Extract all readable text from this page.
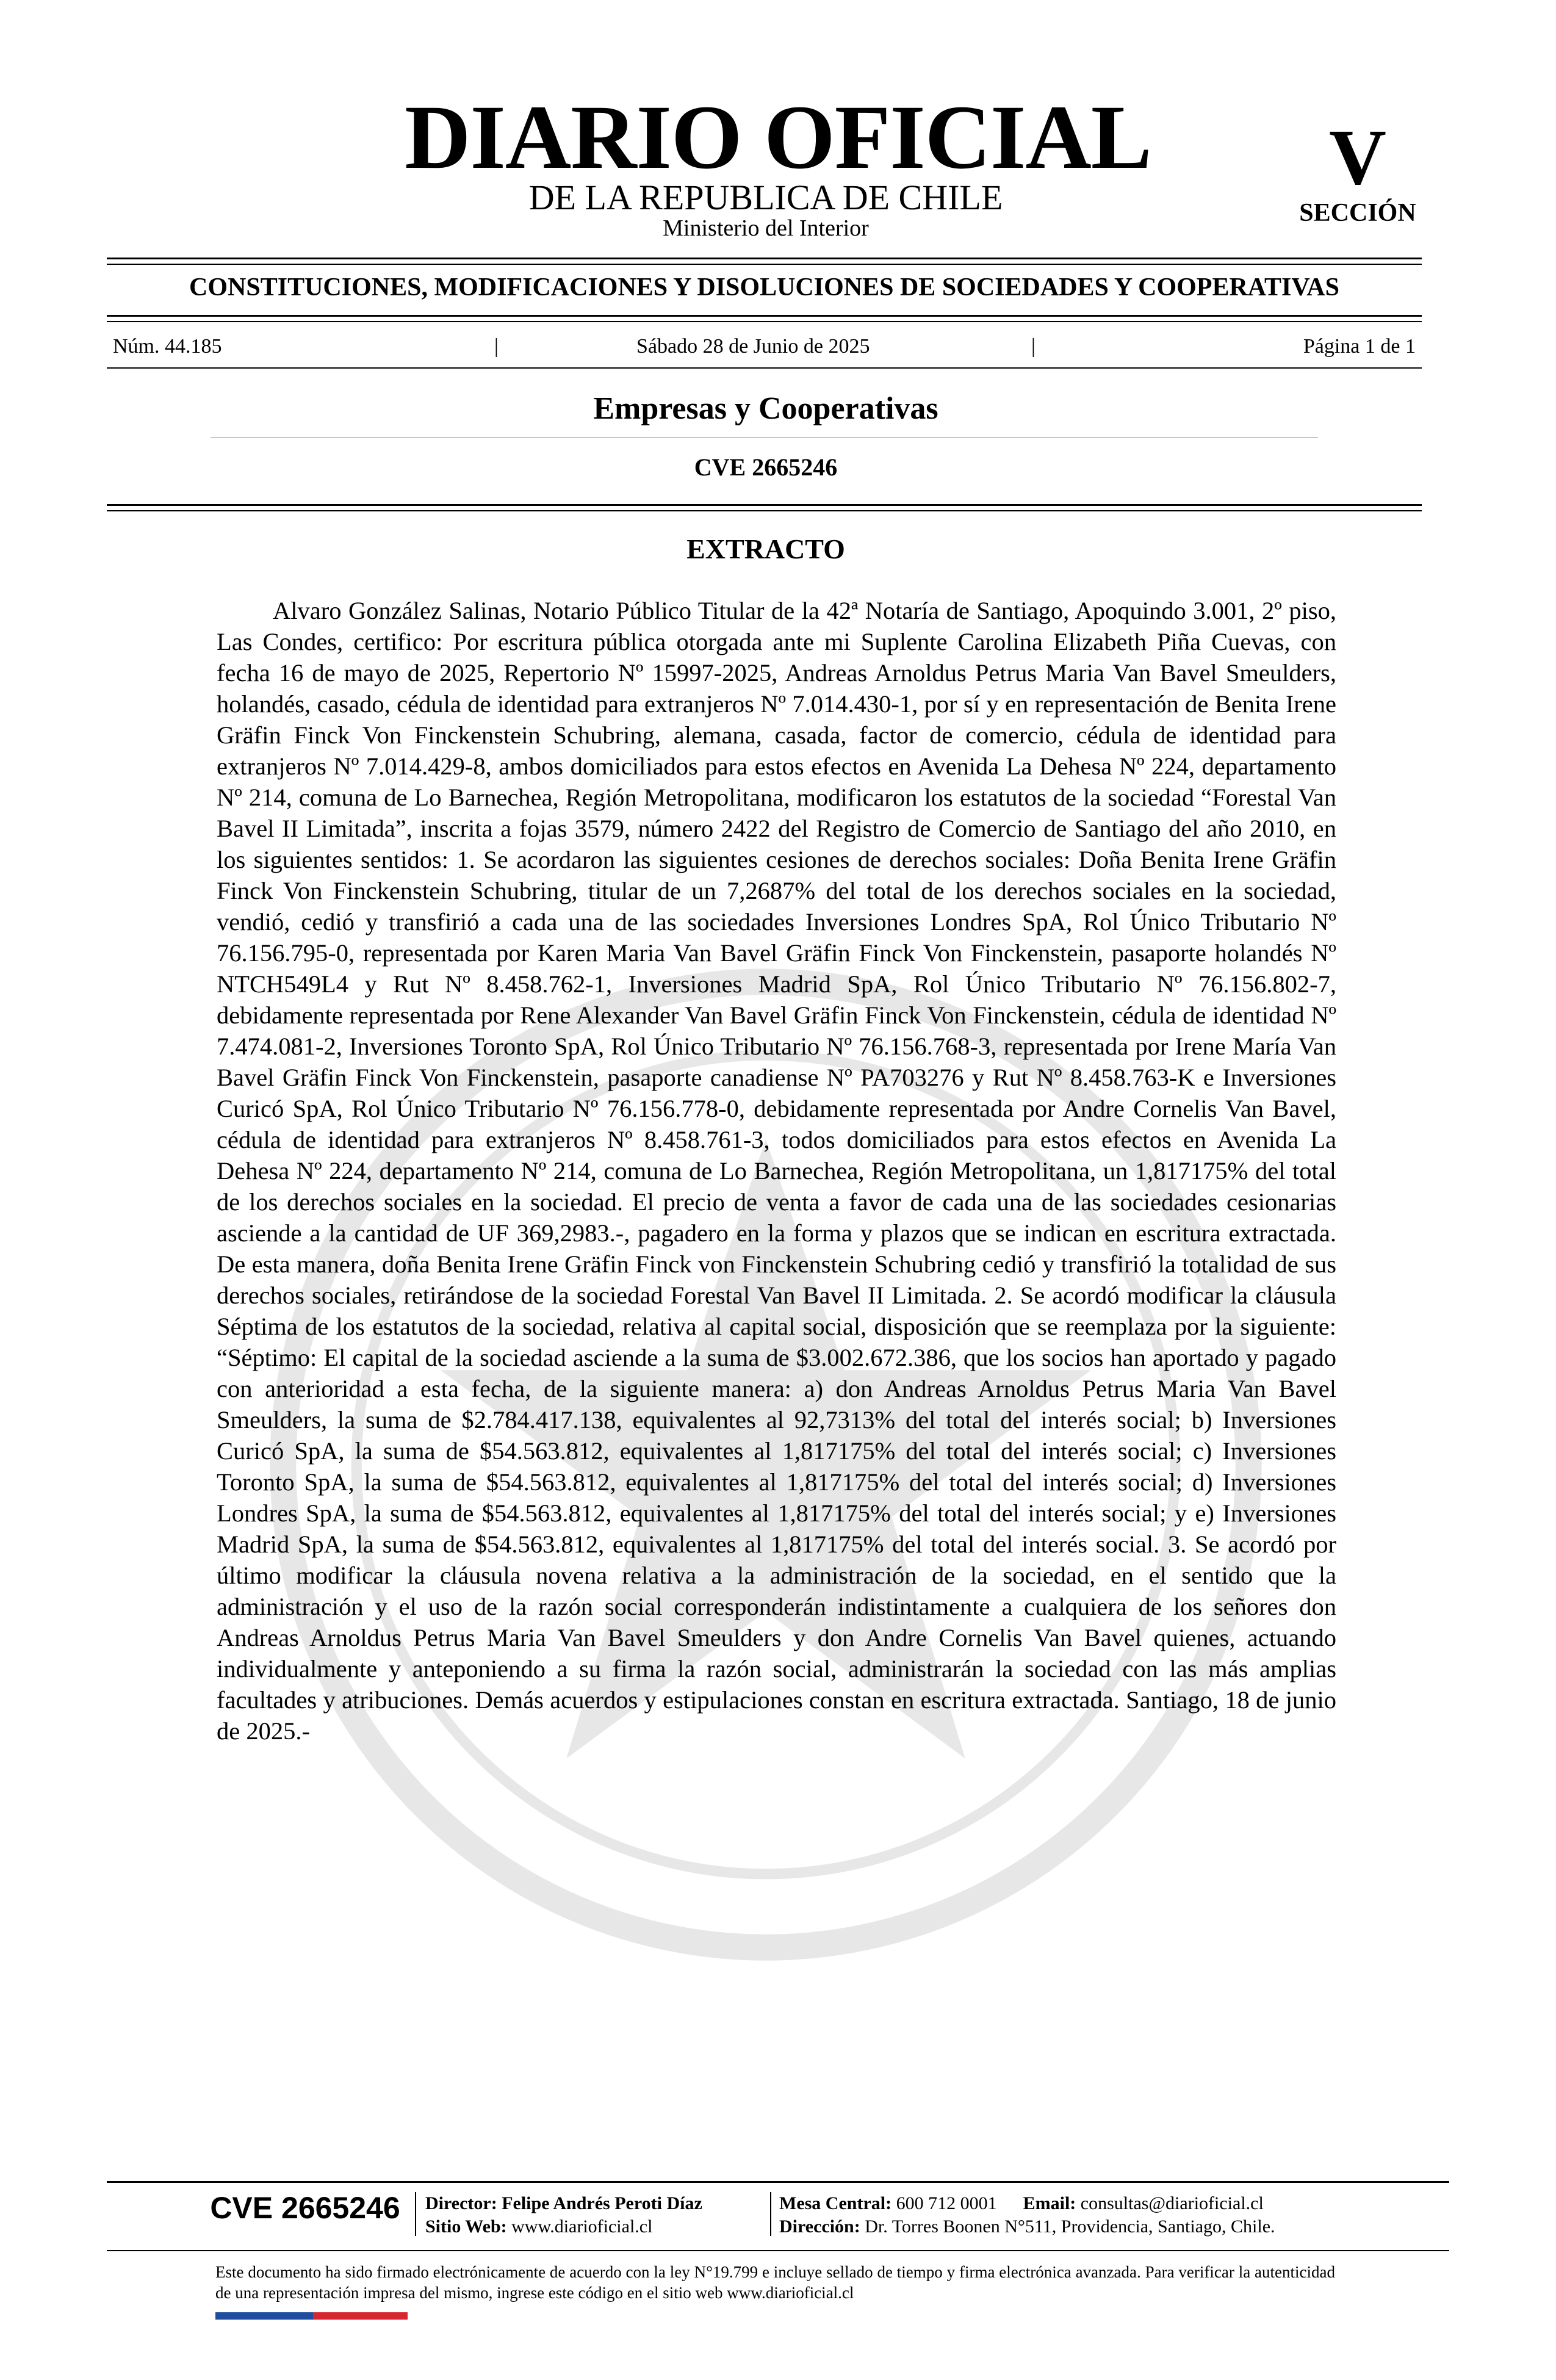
DIARIO OFICIAL
DE LA REPUBLICA DE CHILE
Ministerio del Interior
V
SECCIÓN
CONSTITUCIONES, MODIFICACIONES Y DISOLUCIONES DE SOCIEDADES Y COOPERATIVAS
Núm. 44.185	|	Sábado 28 de Junio de 2025	|	Página 1 de 1
Empresas y Cooperativas
CVE 2665246
EXTRACTO

Alvaro González Salinas, Notario Público Titular de la 42ª Notaría de Santiago, Apoquindo 3.001, 2º piso, Las Condes, certifico: Por escritura pública otorgada ante mi Suplente Carolina Elizabeth Piña Cuevas, con fecha 16 de mayo de 2025, Repertorio Nº 15997-2025, Andreas Arnoldus Petrus Maria Van Bavel Smeulders, holandés, casado, cédula de identidad para extranjeros Nº 7.014.430-1, por sí y en representación de Benita Irene Gräfin Finck Von Finckenstein Schubring, alemana, casada, factor de comercio, cédula de identidad para extranjeros Nº 7.014.429-8, ambos domiciliados para estos efectos en Avenida La Dehesa Nº 224, departamento Nº 214, comuna de Lo Barnechea, Región Metropolitana, modificaron los estatutos de la sociedad “Forestal Van Bavel II Limitada”, inscrita a fojas 3579, número 2422 del Registro de Comercio de Santiago del año 2010, en los siguientes sentidos: 1. Se acordaron las siguientes cesiones de derechos sociales: Doña Benita Irene Gräfin Finck Von Finckenstein Schubring, titular de un 7,2687% del total de los derechos sociales en la sociedad, vendió, cedió y transfirió a cada una de las sociedades Inversiones Londres SpA, Rol Único Tributario Nº 76.156.795-0, representada por Karen Maria Van Bavel Gräfin Finck Von Finckenstein, pasaporte holandés Nº NTCH549L4 y Rut Nº 8.458.762-1, Inversiones Madrid SpA, Rol Único Tributario Nº 76.156.802-7, debidamente representada por Rene Alexander Van Bavel Gräfin Finck Von Finckenstein, cédula de identidad Nº 7.474.081-2, Inversiones Toronto SpA, Rol Único Tributario Nº 76.156.768-3, representada por Irene María Van Bavel Gräfin Finck Von Finckenstein, pasaporte canadiense Nº PA703276 y Rut Nº 8.458.763-K e Inversiones Curicó SpA, Rol Único Tributario Nº 76.156.778-0, debidamente representada por Andre Cornelis Van Bavel, cédula de identidad para extranjeros Nº 8.458.761-3, todos domiciliados para estos efectos en Avenida La Dehesa Nº 224, departamento Nº 214, comuna de Lo Barnechea, Región Metropolitana, un 1,817175% del total de los derechos sociales en la sociedad. El precio de venta a favor de cada una de las sociedades cesionarias asciende a la cantidad de UF 369,2983.-, pagadero en la forma y plazos que se indican en escritura extractada. De esta manera, doña Benita Irene Gräfin Finck von Finckenstein Schubring cedió y transfirió la totalidad de sus derechos sociales, retirándose de la sociedad Forestal Van Bavel II Limitada. 2. Se acordó modificar la cláusula Séptima de los estatutos de la sociedad, relativa al capital social, disposición que se reemplaza por la siguiente: “Séptimo: El capital de la sociedad asciende a la suma de $3.002.672.386, que los socios han aportado y pagado con anterioridad a esta fecha, de la siguiente manera: a) don Andreas Arnoldus Petrus Maria Van Bavel Smeulders, la suma de $2.784.417.138, equivalentes al 92,7313% del total del interés social; b) Inversiones Curicó SpA, la suma de $54.563.812, equivalentes al 1,817175% del total del interés social; c) Inversiones Toronto SpA, la suma de $54.563.812, equivalentes al 1,817175% del total del interés social; d) Inversiones Londres SpA, la suma de $54.563.812, equivalentes al 1,817175% del total del interés social; y e) Inversiones Madrid SpA, la suma de $54.563.812, equivalentes al 1,817175% del total del interés social. 3. Se acordó por último modificar la cláusula novena relativa a la administración de la sociedad, en el sentido que la administración y el uso de la razón social corresponderán indistintamente a cualquiera de los señores don Andreas Arnoldus Petrus Maria Van Bavel Smeulders y don Andre Cornelis Van Bavel quienes, actuando individualmente y anteponiendo a su firma la razón social, administrarán la sociedad con las más amplias facultades y atribuciones. Demás acuerdos y estipulaciones constan en escritura extractada. Santiago, 18 de junio de 2025.-

CVE 2665246	Director: Felipe Andrés Peroti Díaz
Sitio Web: www.diarioficial.cl
Mesa Central: 600 712 0001 Email: consultas@diarioficial.cl
Dirección: Dr. Torres Boonen N°511, Providencia, Santiago, Chile.
Este documento ha sido firmado electrónicamente de acuerdo con la ley N°19.799 e incluye sellado de tiempo y firma electrónica avanzada. Para verificar la autenticidad de una representación impresa del mismo, ingrese este código en el sitio web www.diarioficial.cl
